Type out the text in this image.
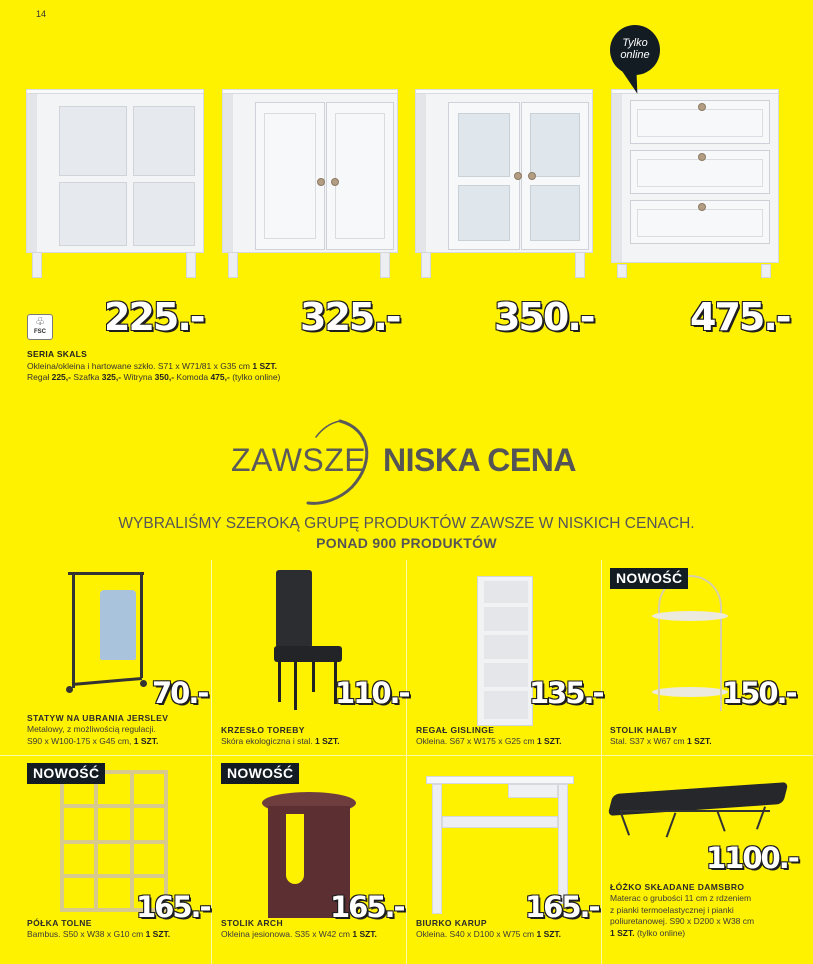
14
Tylko
online
225.-	325.- 350.-	475.-
♧
FSC
SERIA SKALS
Okleina/okleina i hartowane szkło. S71 x W71/81 x G35 cm 1 SZT.
Regał 225,- Szafka 325,- Witryna 350,- Komoda 475,- (tylko online)
ZAWSZE NISKA CENA
WYBRALIŚMY SZEROKĄ GRUPĘ PRODUKTÓW ZAWSZE W NISKICH CENACH.
PONAD 900 PRODUKTÓW
70.-	110.-	135.-	150.-
NOWOŚĆ
STATYW NA UBRANIA JERSLEV
Metalowy, z możliwością regulacji.
S90 x W100-175 x G45 cm, 1 SZT.
KRZESŁO TOREBY
Skóra ekologiczna i stal. 1 SZT.
REGAŁ GISLINGE
Okleina. S67 x W175 x G25 cm 1 SZT.
STOLIK HALBY
Stal. S37 x W67 cm 1 SZT.
NOWOŚĆ	NOWOŚĆ
165.-	165.-	165.-
1100.-
PÓŁKA TOLNE
Bambus. S50 x W38 x G10 cm 1 SZT.
STOLIK ARCH
Okleina jesionowa. S35 x W42 cm 1 SZT.
BIURKO KARUP
Okleina. S40 x D100 x W75 cm 1 SZT.
ŁÓŻKO SKŁADANE DAMSBRO
Materac o grubości 11 cm z rdzeniem
z pianki termoelastycznej i pianki
poliuretanowej. S90 x D200 x W38 cm
1 SZT. (tylko online)
